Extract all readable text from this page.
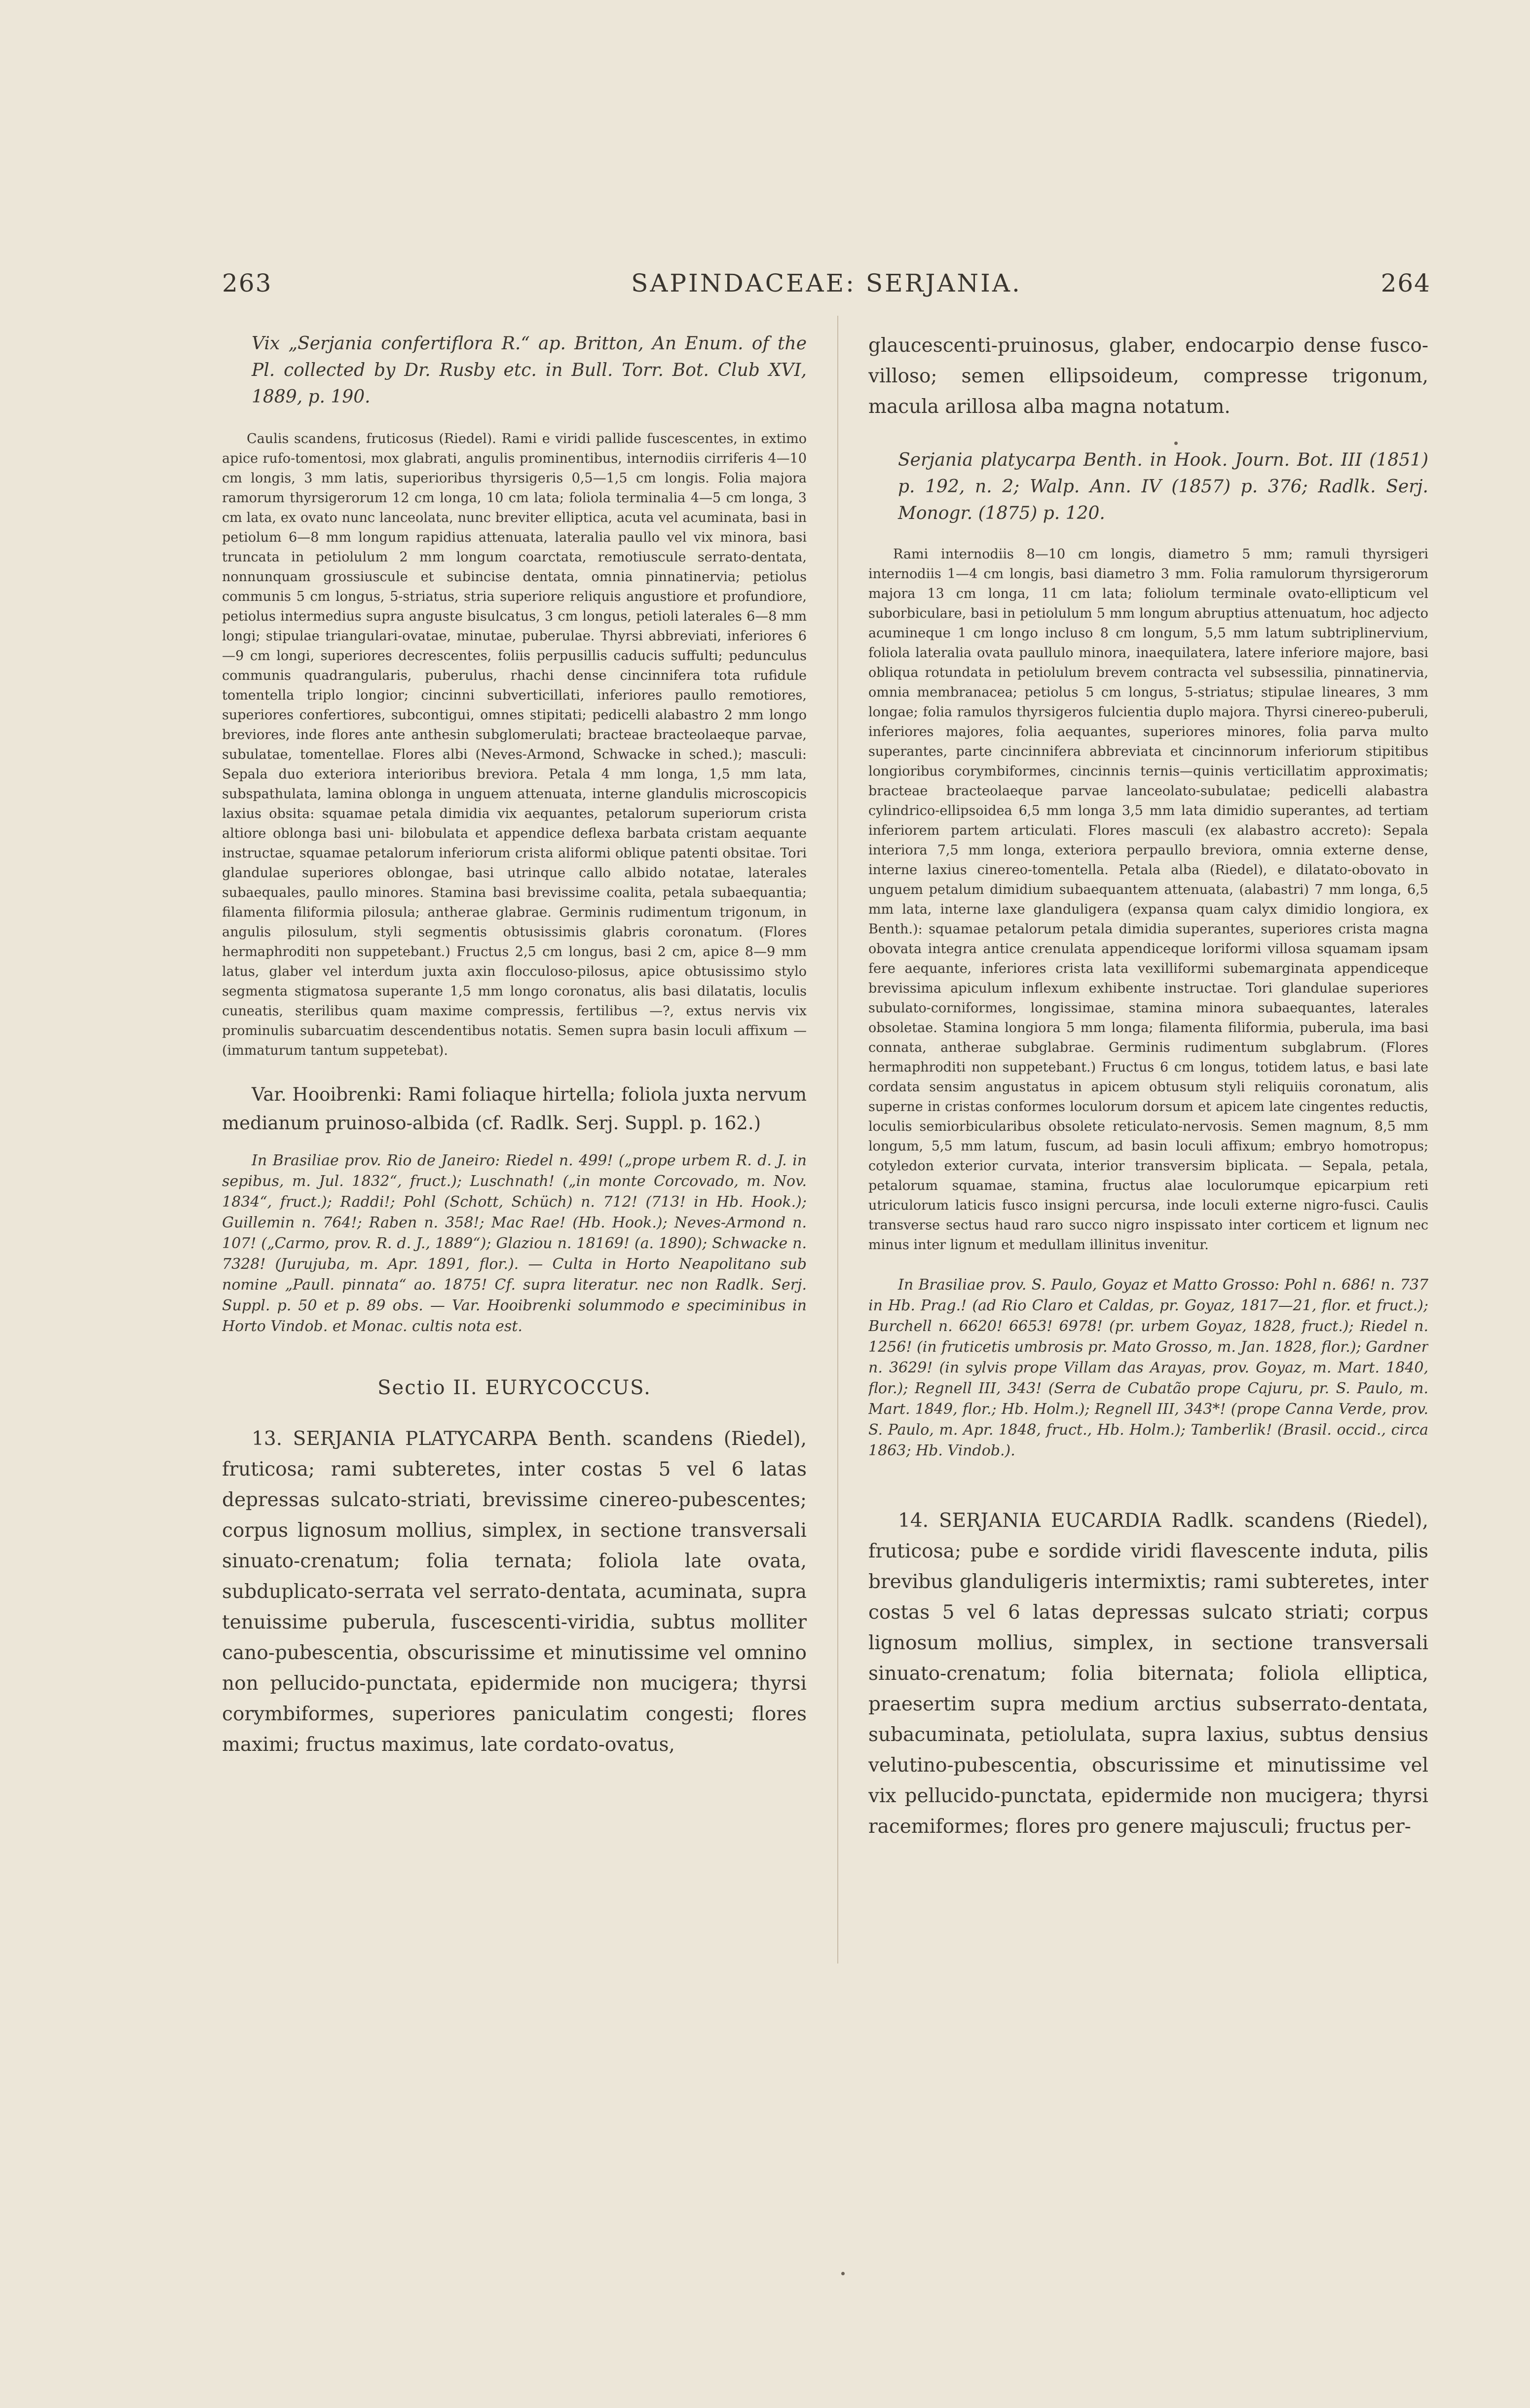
263	SAPINDACEAE: SERJANIA.	264

Vix „Serjania confertiflora R.“ ap. Britton, An Enum. of the Pl. collected by Dr. Rusby etc. in Bull. Torr. Bot. Club XVI, 1889, p. 190.

Caulis scandens, fruticosus (Riedel). Rami e viridi pallide fuscescentes, in extimo apice rufo-tomentosi, mox glabrati, angulis prominentibus, internodiis cirriferis 4—10 cm longis, 3 mm latis, superioribus thyrsigeris 0,5—1,5 cm longis. Folia majora ramorum thyrsigerorum 12 cm longa, 10 cm lata; foliola terminalia 4—5 cm longa, 3 cm lata, ex ovato nunc lanceolata, nunc breviter elliptica, acuta vel acuminata, basi in petiolum 6—8 mm longum rapidius attenuata, lateralia paullo vel vix minora, basi truncata in petiolulum 2 mm longum coarctata, remotiuscule serrato-dentata, nonnunquam grossiuscule et subincise dentata, omnia pinnatinervia; petiolus communis 5 cm longus, 5-striatus, stria superiore reliquis angustiore et profundiore, petiolus intermedius supra anguste bisulcatus, 3 cm longus, petioli laterales 6—8 mm longi; stipulae triangulari-ovatae, minutae, puberulae. Thyrsi abbreviati, inferiores 6—9 cm longi, superiores decrescentes, foliis perpusillis caducis suffulti; pedunculus communis quadrangularis, puberulus, rhachi dense cincinnifera tota rufidule tomentella triplo longior; cincinni subverticillati, inferiores paullo remotiores, superiores confertiores, subcontigui, omnes stipitati; pedicelli alabastro 2 mm longo breviores, inde flores ante anthesin subglomerulati; bracteae bracteolaeque parvae, subulatae, tomentellae. Flores albi (Neves-Armond, Schwacke in sched.); masculi: Sepala duo exteriora interioribus breviora. Petala 4 mm longa, 1,5 mm lata, subspathulata, lamina oblonga in unguem attenuata, interne glandulis microscopicis laxius obsita: squamae petala dimidia vix aequantes, petalorum superiorum crista altiore oblonga basi uni- bilobulata et appendice deflexa barbata cristam aequante instructae, squamae petalorum inferiorum crista aliformi oblique patenti obsitae. Tori glandulae superiores oblongae, basi utrinque callo albido notatae, laterales subaequales, paullo minores. Stamina basi brevissime coalita, petala subaequantia; filamenta filiformia pilosula; antherae glabrae. Germinis rudimentum trigonum, in angulis pilosulum, styli segmentis obtusissimis glabris coronatum. (Flores hermaphroditi non suppetebant.) Fructus 2,5 cm longus, basi 2 cm, apice 8—9 mm latus, glaber vel interdum juxta axin flocculoso-pilosus, apice obtusissimo stylo segmenta stigmatosa superante 1,5 mm longo coronatus, alis basi dilatatis, loculis cuneatis, sterilibus quam maxime compressis, fertilibus —?, extus nervis vix prominulis subarcuatim descendentibus notatis. Semen supra basin loculi affixum — (immaturum tantum suppetebat).

Var. Hooibrenki: Rami foliaque hirtella; foliola juxta nervum medianum pruinoso-albida (cf. Radlk. Serj. Suppl. p. 162.)

In Brasiliae prov. Rio de Janeiro: Riedel n. 499! („prope urbem R. d. J. in sepibus, m. Jul. 1832“, fruct.); Luschnath! („in monte Corcovado, m. Nov. 1834“, fruct.); Raddi!; Pohl (Schott, Schüch) n. 712! (713! in Hb. Hook.); Guillemin n. 764!; Raben n. 358!; Mac Rae! (Hb. Hook.); Neves-Armond n. 107! („Carmo, prov. R. d. J., 1889“); Glaziou n. 18169! (a. 1890); Schwacke n. 7328! (Jurujuba, m. Apr. 1891, flor.). — Culta in Horto Neapolitano sub nomine „Paull. pinnata“ ao. 1875! Cf. supra literatur. nec non Radlk. Serj. Suppl. p. 50 et p. 89 obs. — Var. Hooibrenki solummodo e speciminibus in Horto Vindob. et Monac. cultis nota est.

Sectio II. EURYCOCCUS.

13. SERJANIA PLATYCARPA Benth. scandens (Riedel), fruticosa; rami subteretes, inter costas 5 vel 6 latas depressas sulcato-striati, brevissime cinereo-pubescentes; corpus lignosum mollius, simplex, in sectione transversali sinuato-crenatum; folia ternata; foliola late ovata, subduplicato-serrata vel serrato-dentata, acuminata, supra tenuissime puberula, fuscescenti-viridia, subtus molliter cano-pubescentia, obscurissime et minutissime vel omnino non pellucido-punctata, epidermide non mucigera; thyrsi corymbiformes, superiores paniculatim congesti; flores maximi; fructus maximus, late cordato-ovatus,

glaucescenti-pruinosus, glaber, endocarpio dense fusco-villoso; semen ellipsoideum, compresse trigonum, macula arillosa alba magna notatum.

Serjania platycarpa Benth. in Hook. Journ. Bot. III (1851) p. 192, n. 2; Walp. Ann. IV (1857) p. 376; Radlk. Serj. Monogr. (1875) p. 120.

Rami internodiis 8—10 cm longis, diametro 5 mm; ramuli thyrsigeri internodiis 1—4 cm longis, basi diametro 3 mm. Folia ramulorum thyrsigerorum majora 13 cm longa, 11 cm lata; foliolum terminale ovato-ellipticum vel suborbiculare, basi in petiolulum 5 mm longum abruptius attenuatum, hoc adjecto acumineque 1 cm longo incluso 8 cm longum, 5,5 mm latum subtriplinervium, foliola lateralia ovata paullulo minora, inaequilatera, latere inferiore majore, basi obliqua rotundata in petiolulum brevem contracta vel subsessilia, pinnatinervia, omnia membranacea; petiolus 5 cm longus, 5-striatus; stipulae lineares, 3 mm longae; folia ramulos thyrsigeros fulcientia duplo majora. Thyrsi cinereo-puberuli, inferiores majores, folia aequantes, superiores minores, folia parva multo superantes, parte cincinnifera abbreviata et cincinnorum inferiorum stipitibus longioribus corymbiformes, cincinnis ternis—quinis verticillatim approximatis; bracteae bracteolaeque parvae lanceolato-subulatae; pedicelli alabastra cylindrico-ellipsoidea 6,5 mm longa 3,5 mm lata dimidio superantes, ad tertiam inferiorem partem articulati. Flores masculi (ex alabastro accreto): Sepala interiora 7,5 mm longa, exteriora perpaullo breviora, omnia externe dense, interne laxius cinereo-tomentella. Petala alba (Riedel), e dilatato-obovato in unguem petalum dimidium subaequantem attenuata, (alabastri) 7 mm longa, 6,5 mm lata, interne laxe glanduligera (expansa quam calyx dimidio longiora, ex Benth.): squamae petalorum petala dimidia superantes, superiores crista magna obovata integra antice crenulata appendiceque loriformi villosa squamam ipsam fere aequante, inferiores crista lata vexilliformi subemarginata appendiceque brevissima apiculum inflexum exhibente instructae. Tori glandulae superiores subulato-corniformes, longissimae, stamina minora subaequantes, laterales obsoletae. Stamina longiora 5 mm longa; filamenta filiformia, puberula, ima basi connata, antherae subglabrae. Germinis rudimentum subglabrum. (Flores hermaphroditi non suppetebant.) Fructus 6 cm longus, totidem latus, e basi late cordata sensim angustatus in apicem obtusum styli reliquiis coronatum, alis superne in cristas conformes loculorum dorsum et apicem late cingentes reductis, loculis semiorbicularibus obsolete reticulato-nervosis. Semen magnum, 8,5 mm longum, 5,5 mm latum, fuscum, ad basin loculi affixum; embryo homotropus; cotyledon exterior curvata, interior transversim biplicata. — Sepala, petala, petalorum squamae, stamina, fructus alae loculorumque epicarpium reti utriculorum laticis fusco insigni percursa, inde loculi externe nigro-fusci. Caulis transverse sectus haud raro succo nigro inspissato inter corticem et lignum nec minus inter lignum et medullam illinitus invenitur.

In Brasiliae prov. S. Paulo, Goyaz et Matto Grosso: Pohl n. 686! n. 737 in Hb. Prag.! (ad Rio Claro et Caldas, pr. Goyaz, 1817—21, flor. et fruct.); Burchell n. 6620! 6653! 6978! (pr. urbem Goyaz, 1828, fruct.); Riedel n. 1256! (in fruticetis umbrosis pr. Mato Grosso, m. Jan. 1828, flor.); Gardner n. 3629! (in sylvis prope Villam das Arayas, prov. Goyaz, m. Mart. 1840, flor.); Regnell III, 343! (Serra de Cubatão prope Cajuru, pr. S. Paulo, m. Mart. 1849, flor.; Hb. Holm.); Regnell III, 343*! (prope Canna Verde, prov. S. Paulo, m. Apr. 1848, fruct., Hb. Holm.); Tamberlik! (Brasil. occid., circa 1863; Hb. Vindob.).

14. SERJANIA EUCARDIA Radlk. scandens (Riedel), fruticosa; pube e sordide viridi flavescente induta, pilis brevibus glanduligeris intermixtis; rami subteretes, inter costas 5 vel 6 latas depressas sulcato striati; corpus lignosum mollius, simplex, in sectione transversali sinuato-crenatum; folia biternata; foliola elliptica, praesertim supra medium arctius subserrato-dentata, subacuminata, petiolulata, supra laxius, subtus densius velutino-pubescentia, obscurissime et minutissime vel vix pellucido-punctata, epidermide non mucigera; thyrsi racemiformes; flores pro genere majusculi; fructus per-
